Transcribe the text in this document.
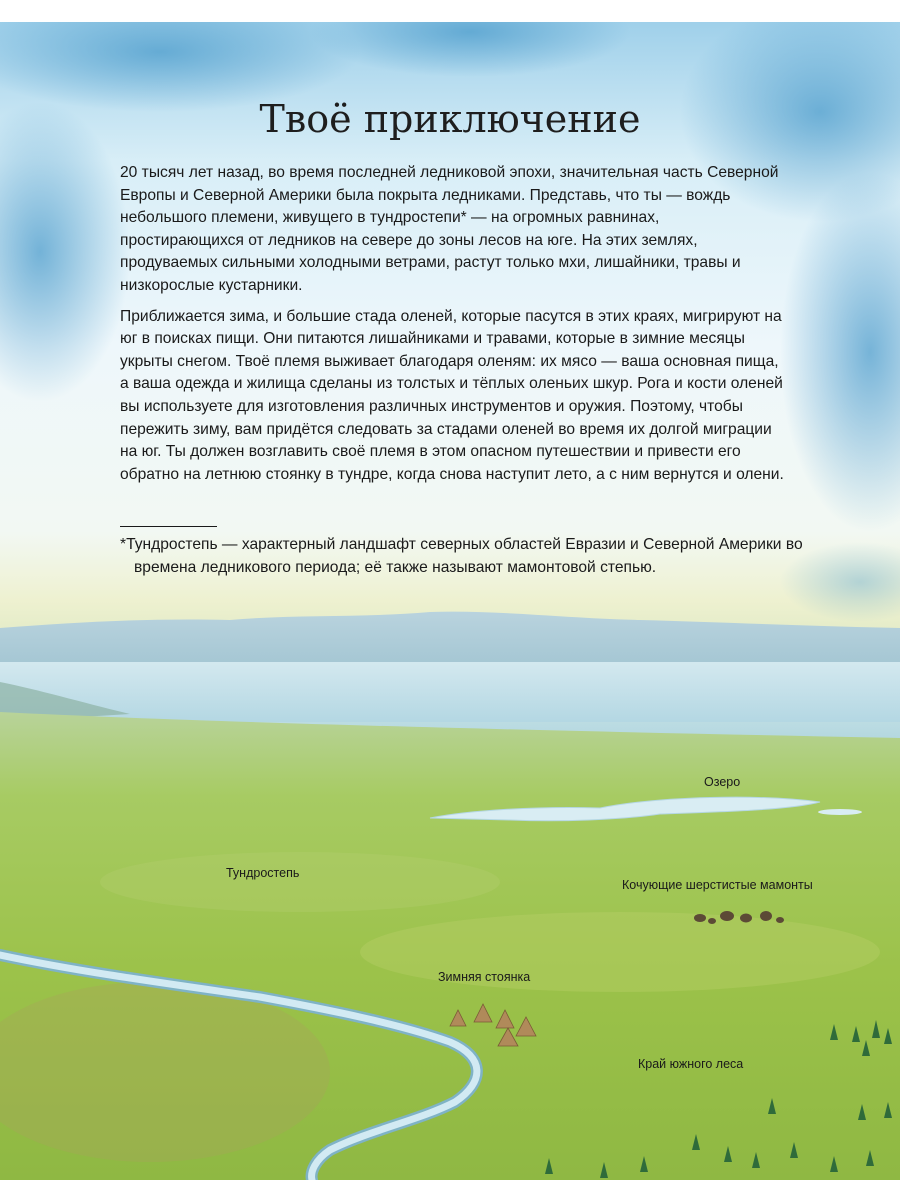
Твоё приключение

20 тысяч лет назад, во время последней ледниковой эпохи, значительная часть Северной Европы и Северной Америки была покрыта ледниками. Представь, что ты — вождь небольшого племени, живущего в тундростепи* — на огромных равнинах, простирающихся от ледников на севере до зоны лесов на юге. На этих землях, продуваемых сильными холодными ветрами, растут только мхи, лишайники, травы и низкорослые кустарники.

Приближается зима, и большие стада оленей, которые пасутся в этих краях, мигрируют на юг в поисках пищи. Они питаются лишайниками и травами, которые в зимние месяцы укрыты снегом. Твоё племя выживает благодаря оленям: их мясо — ваша основная пища, а ваша одежда и жилища сделаны из толстых и тёплых оленьих шкур. Рога и кости оленей вы используете для изготовления различных инструментов и оружия. Поэтому, чтобы пережить зиму, вам придётся следовать за стадами оленей во время их долгой миграции на юг. Ты должен возглавить своё племя в этом опасном путешествии и привести его обратно на летнюю стоянку в тундре, когда снова наступит лето, а с ним вернутся и олени.

*Тундростепь — характерный ландшафт северных областей Евразии и Северной Америки во времена ледникового периода; её также называют мамонтовой степью.
Озеро
Тундростепь
Кочующие шерстистые мамонты
Зимняя стоянка
Край южного леса
